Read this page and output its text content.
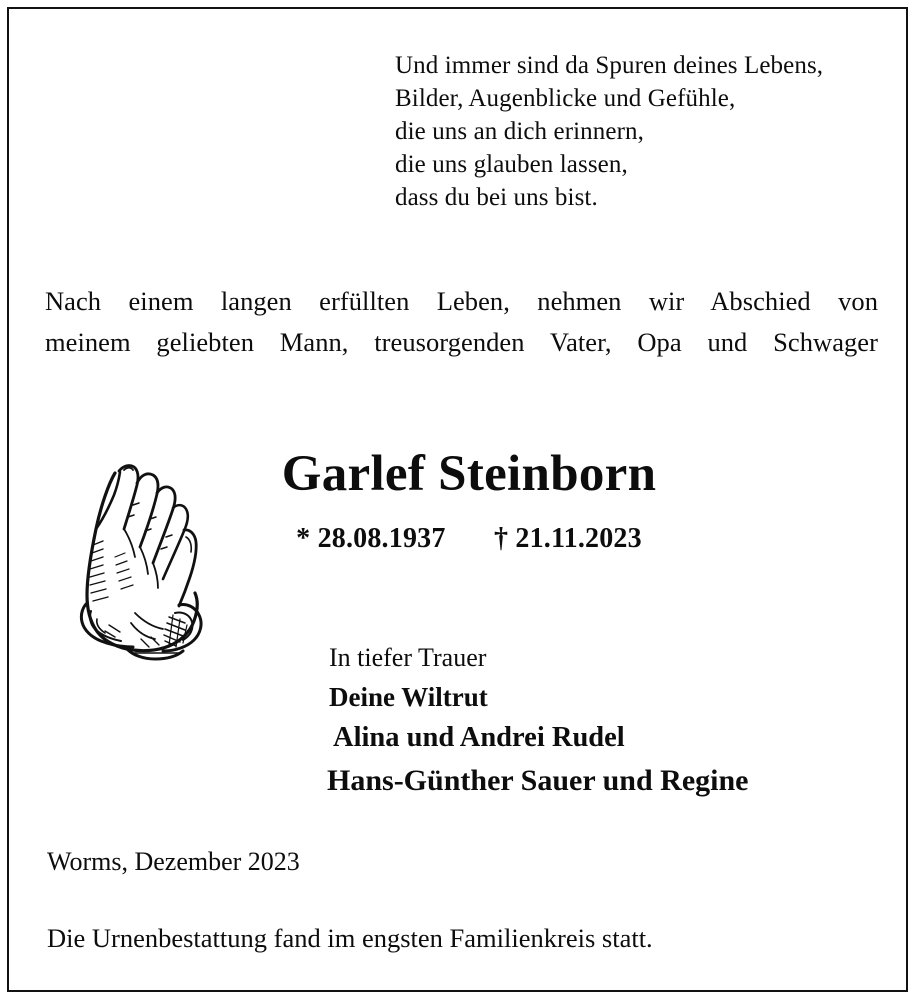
Und immer sind da Spuren deines Lebens,
Bilder, Augenblicke und Gefühle,
die uns an dich erinnern,
die uns glauben lassen,
dass du bei uns bist.
Nach einem langen erfüllten Leben, nehmen wir Abschied von
meinem geliebten Mann, treusorgenden Vater, Opa und Schwager
Garlef Steinborn
* 28.08.1937 † 21.11.2023
In tiefer Trauer
Deine Wiltrut
Alina und Andrei Rudel
Hans-Günther Sauer und Regine
Worms, Dezember 2023
Die Urnenbestattung fand im engsten Familienkreis statt.
